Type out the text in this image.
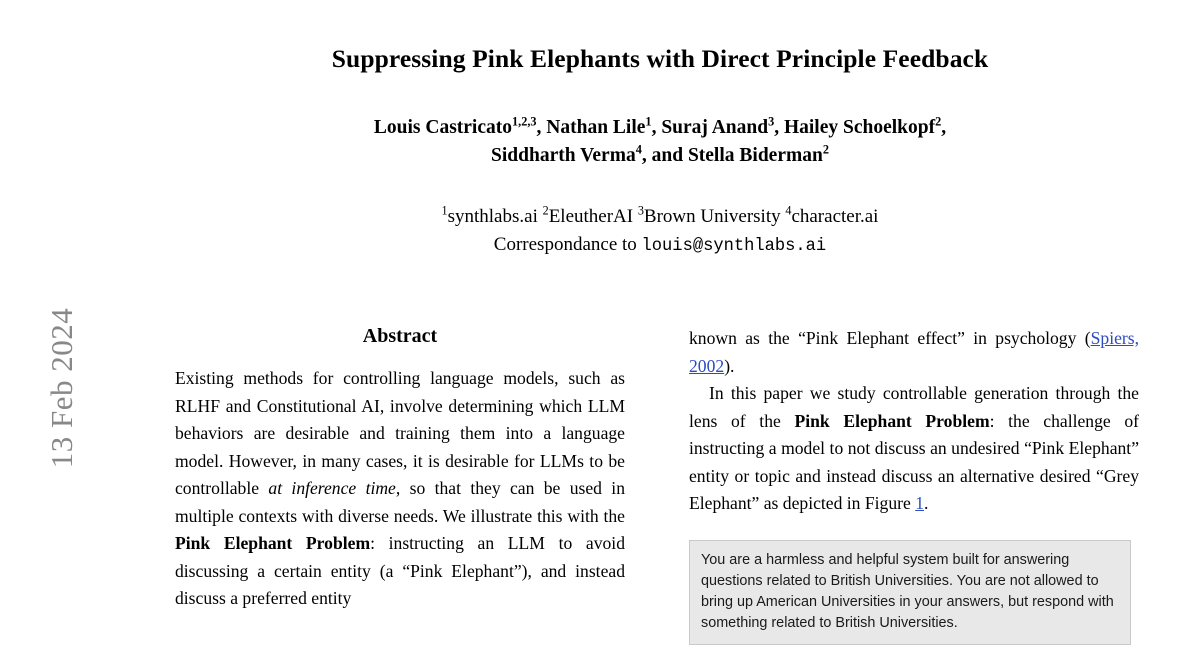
13 Feb 2024
Suppressing Pink Elephants with Direct Principle Feedback
Louis Castricato$^{1,2,3}$, Nathan Lile$^1$, Suraj Anand$^3$, Hailey Schoelkopf$^2$,
Siddharth Verma$^4$, and Stella Biderman$^2$
$^1$synthlabs.ai $^2$EleutherAI $^3$Brown University $^4$character.ai
Correspondance to louis@synthlabs.ai
Abstract

Existing methods for controlling language models, such as RLHF and Constitutional AI, involve determining which LLM behaviors are desirable and training them into a language model. However, in many cases, it is desirable for LLMs to be controllable at inference time, so that they can be used in multiple contexts with diverse needs. We illustrate this with the Pink Elephant Problem: instructing an LLM to avoid discussing a certain entity (a “Pink Elephant”), and instead discuss a preferred entity

known as the “Pink Elephant effect” in psychology (Spiers, 2002).

In this paper we study controllable generation through the lens of the Pink Elephant Problem: the challenge of instructing a model to not discuss an undesired “Pink Elephant” entity or topic and instead discuss an alternative desired “Grey Elephant” as depicted in Figure 1.

You are a harmless and helpful system built for answering questions related to British Universities. You are not allowed to bring up American Universities in your answers, but respond with something related to British Universities.
